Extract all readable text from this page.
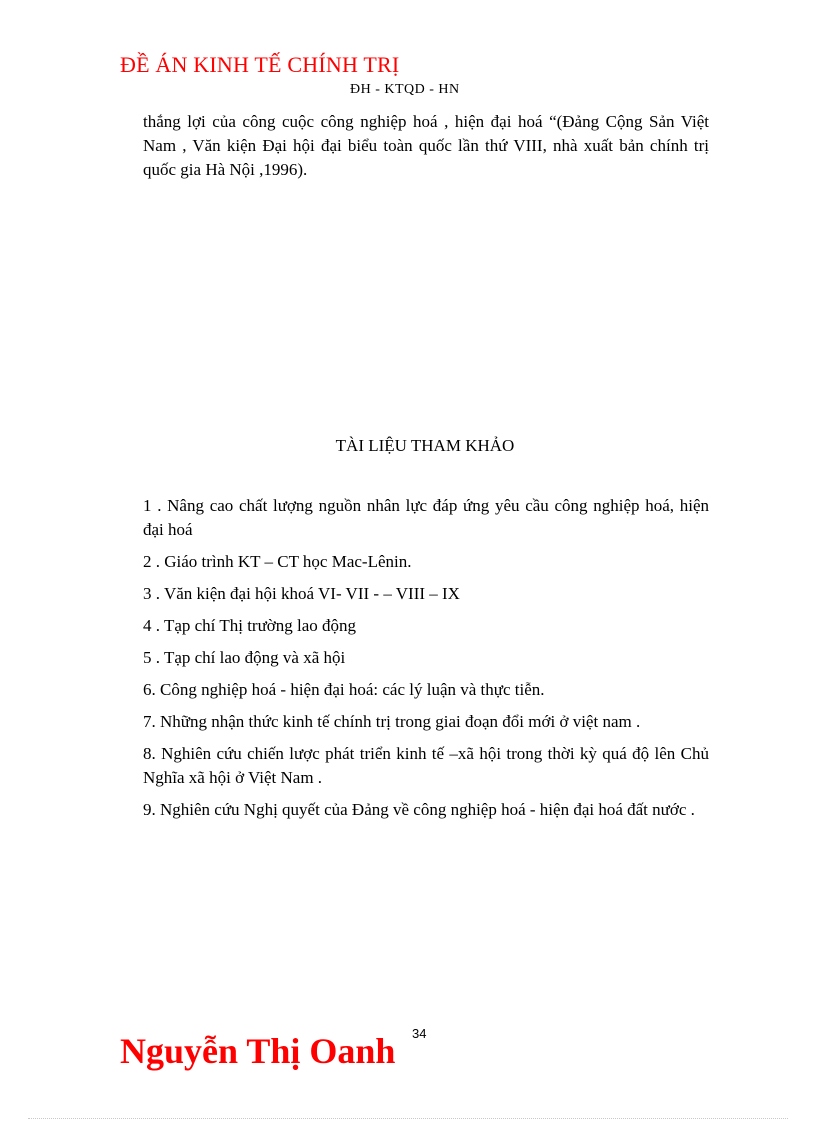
ĐỀ ÁN KINH TẾ CHÍNH TRỊ
ĐH - KTQD - HN

thắng lợi của công cuộc công nghiệp hoá , hiện đại hoá “(Đảng Cộng Sản Việt Nam , Văn kiện Đại hội đại biểu toàn quốc lần thứ VIII, nhà xuất bản chính trị quốc gia Hà Nội ,1996).

TÀI LIỆU THAM KHẢO
1 . Nâng cao chất lượng nguồn nhân lực đáp ứng yêu cầu công nghiệp hoá, hiện đại hoá
2 . Giáo trình KT – CT học Mac-Lênin.
3 . Văn kiện đại hội khoá VI- VII - – VIII – IX
4 . Tạp chí Thị trường lao động
5 . Tạp chí lao động và xã hội
6. Công nghiệp hoá - hiện đại hoá: các lý luận và thực tiễn.
7. Những nhận thức kinh tế chính trị trong giai đoạn đổi mới ở việt nam .
8. Nghiên cứu chiến lược phát triển kinh tế –xã hội trong thời kỳ quá độ lên Chủ Nghĩa xã hội ở Việt Nam .
9. Nghiên cứu Nghị quyết của Đảng về công nghiệp hoá - hiện đại hoá đất nước .
Nguyễn Thị Oanh 34
